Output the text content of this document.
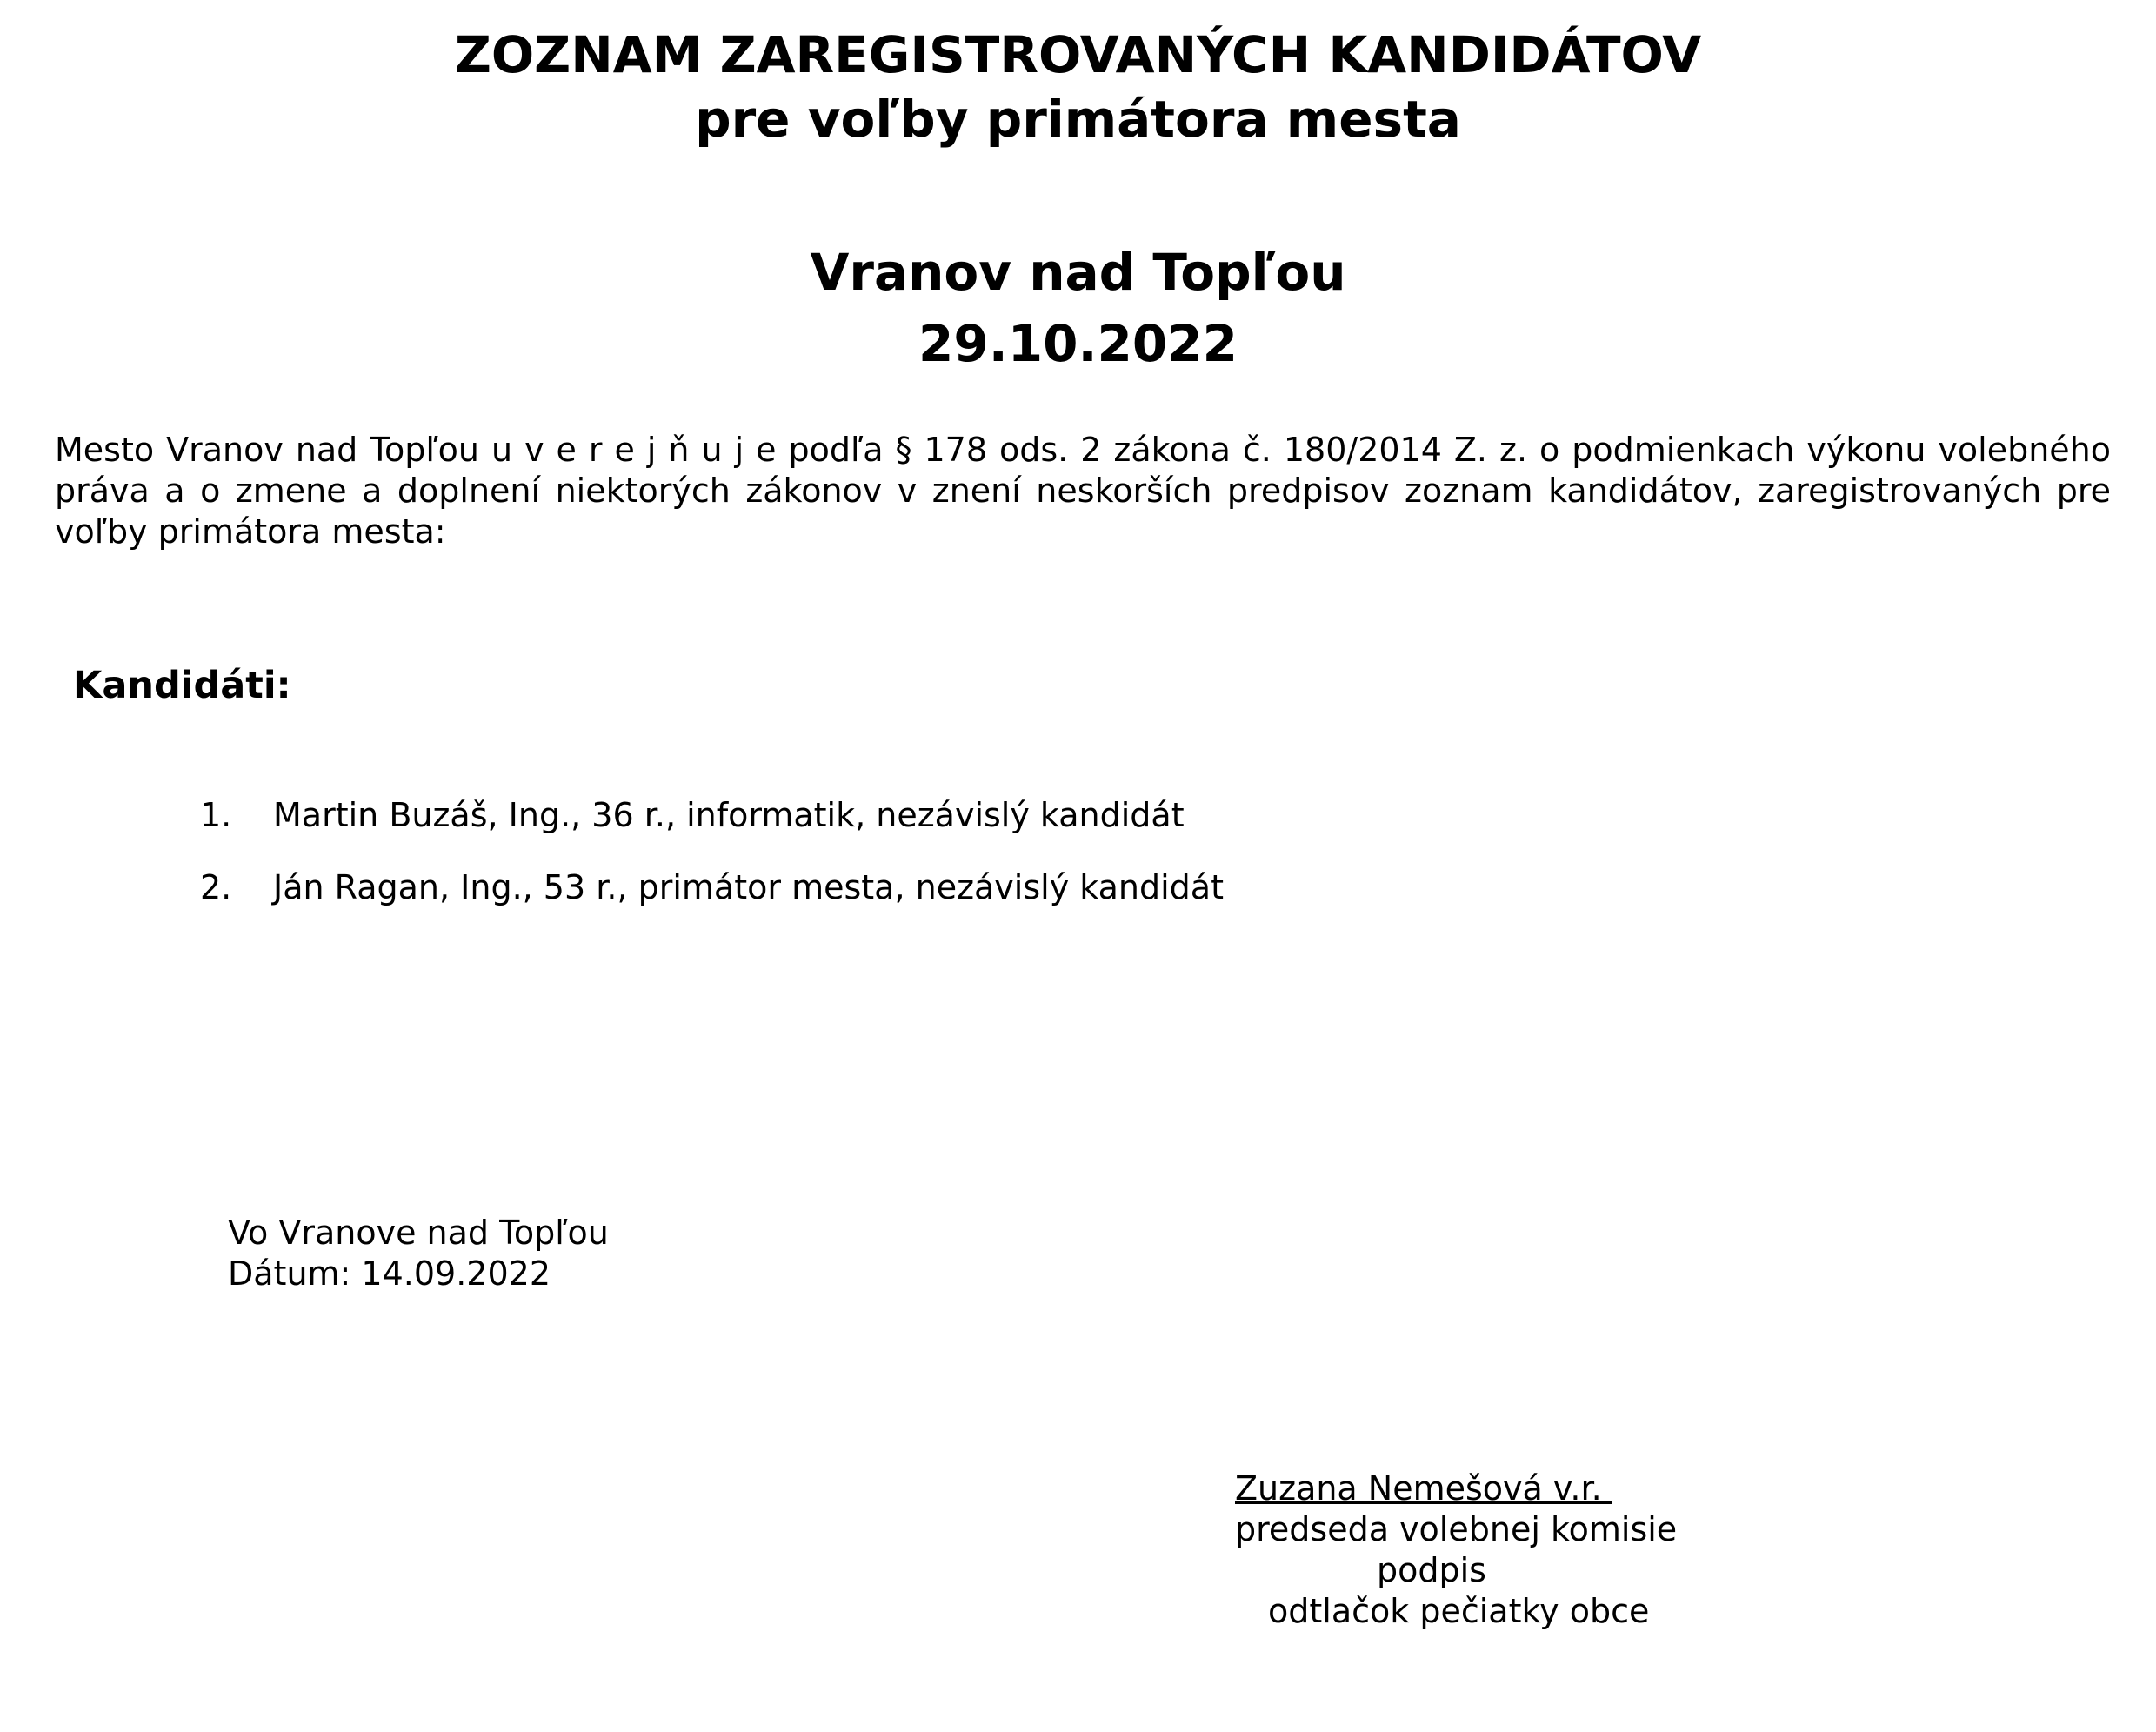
ZOZNAM ZAREGISTROVANÝCH KANDIDÁTOV
pre voľby primátora mesta
Vranov nad Topľou
29.10.2022
Mesto Vranov nad Topľou u v e r e j ň u j e podľa § 178 ods. 2 zákona č. 180/2014 Z. z. o podmienkach výkonu volebného práva a o zmene a doplnení niektorých zákonov v znení neskorších predpisov zoznam kandidátov, zaregistrovaných pre voľby primátora mesta:
Kandidáti:
1. Martin Buzáš, Ing., 36 r., informatik, nezávislý kandidát
2. Ján Ragan, Ing., 53 r., primátor mesta, nezávislý kandidát
Vo Vranove nad Topľou
Dátum: 14.09.2022
Zuzana Nemešová v.r.
predseda volebnej komisie
podpis
odtlačok pečiatky obce
